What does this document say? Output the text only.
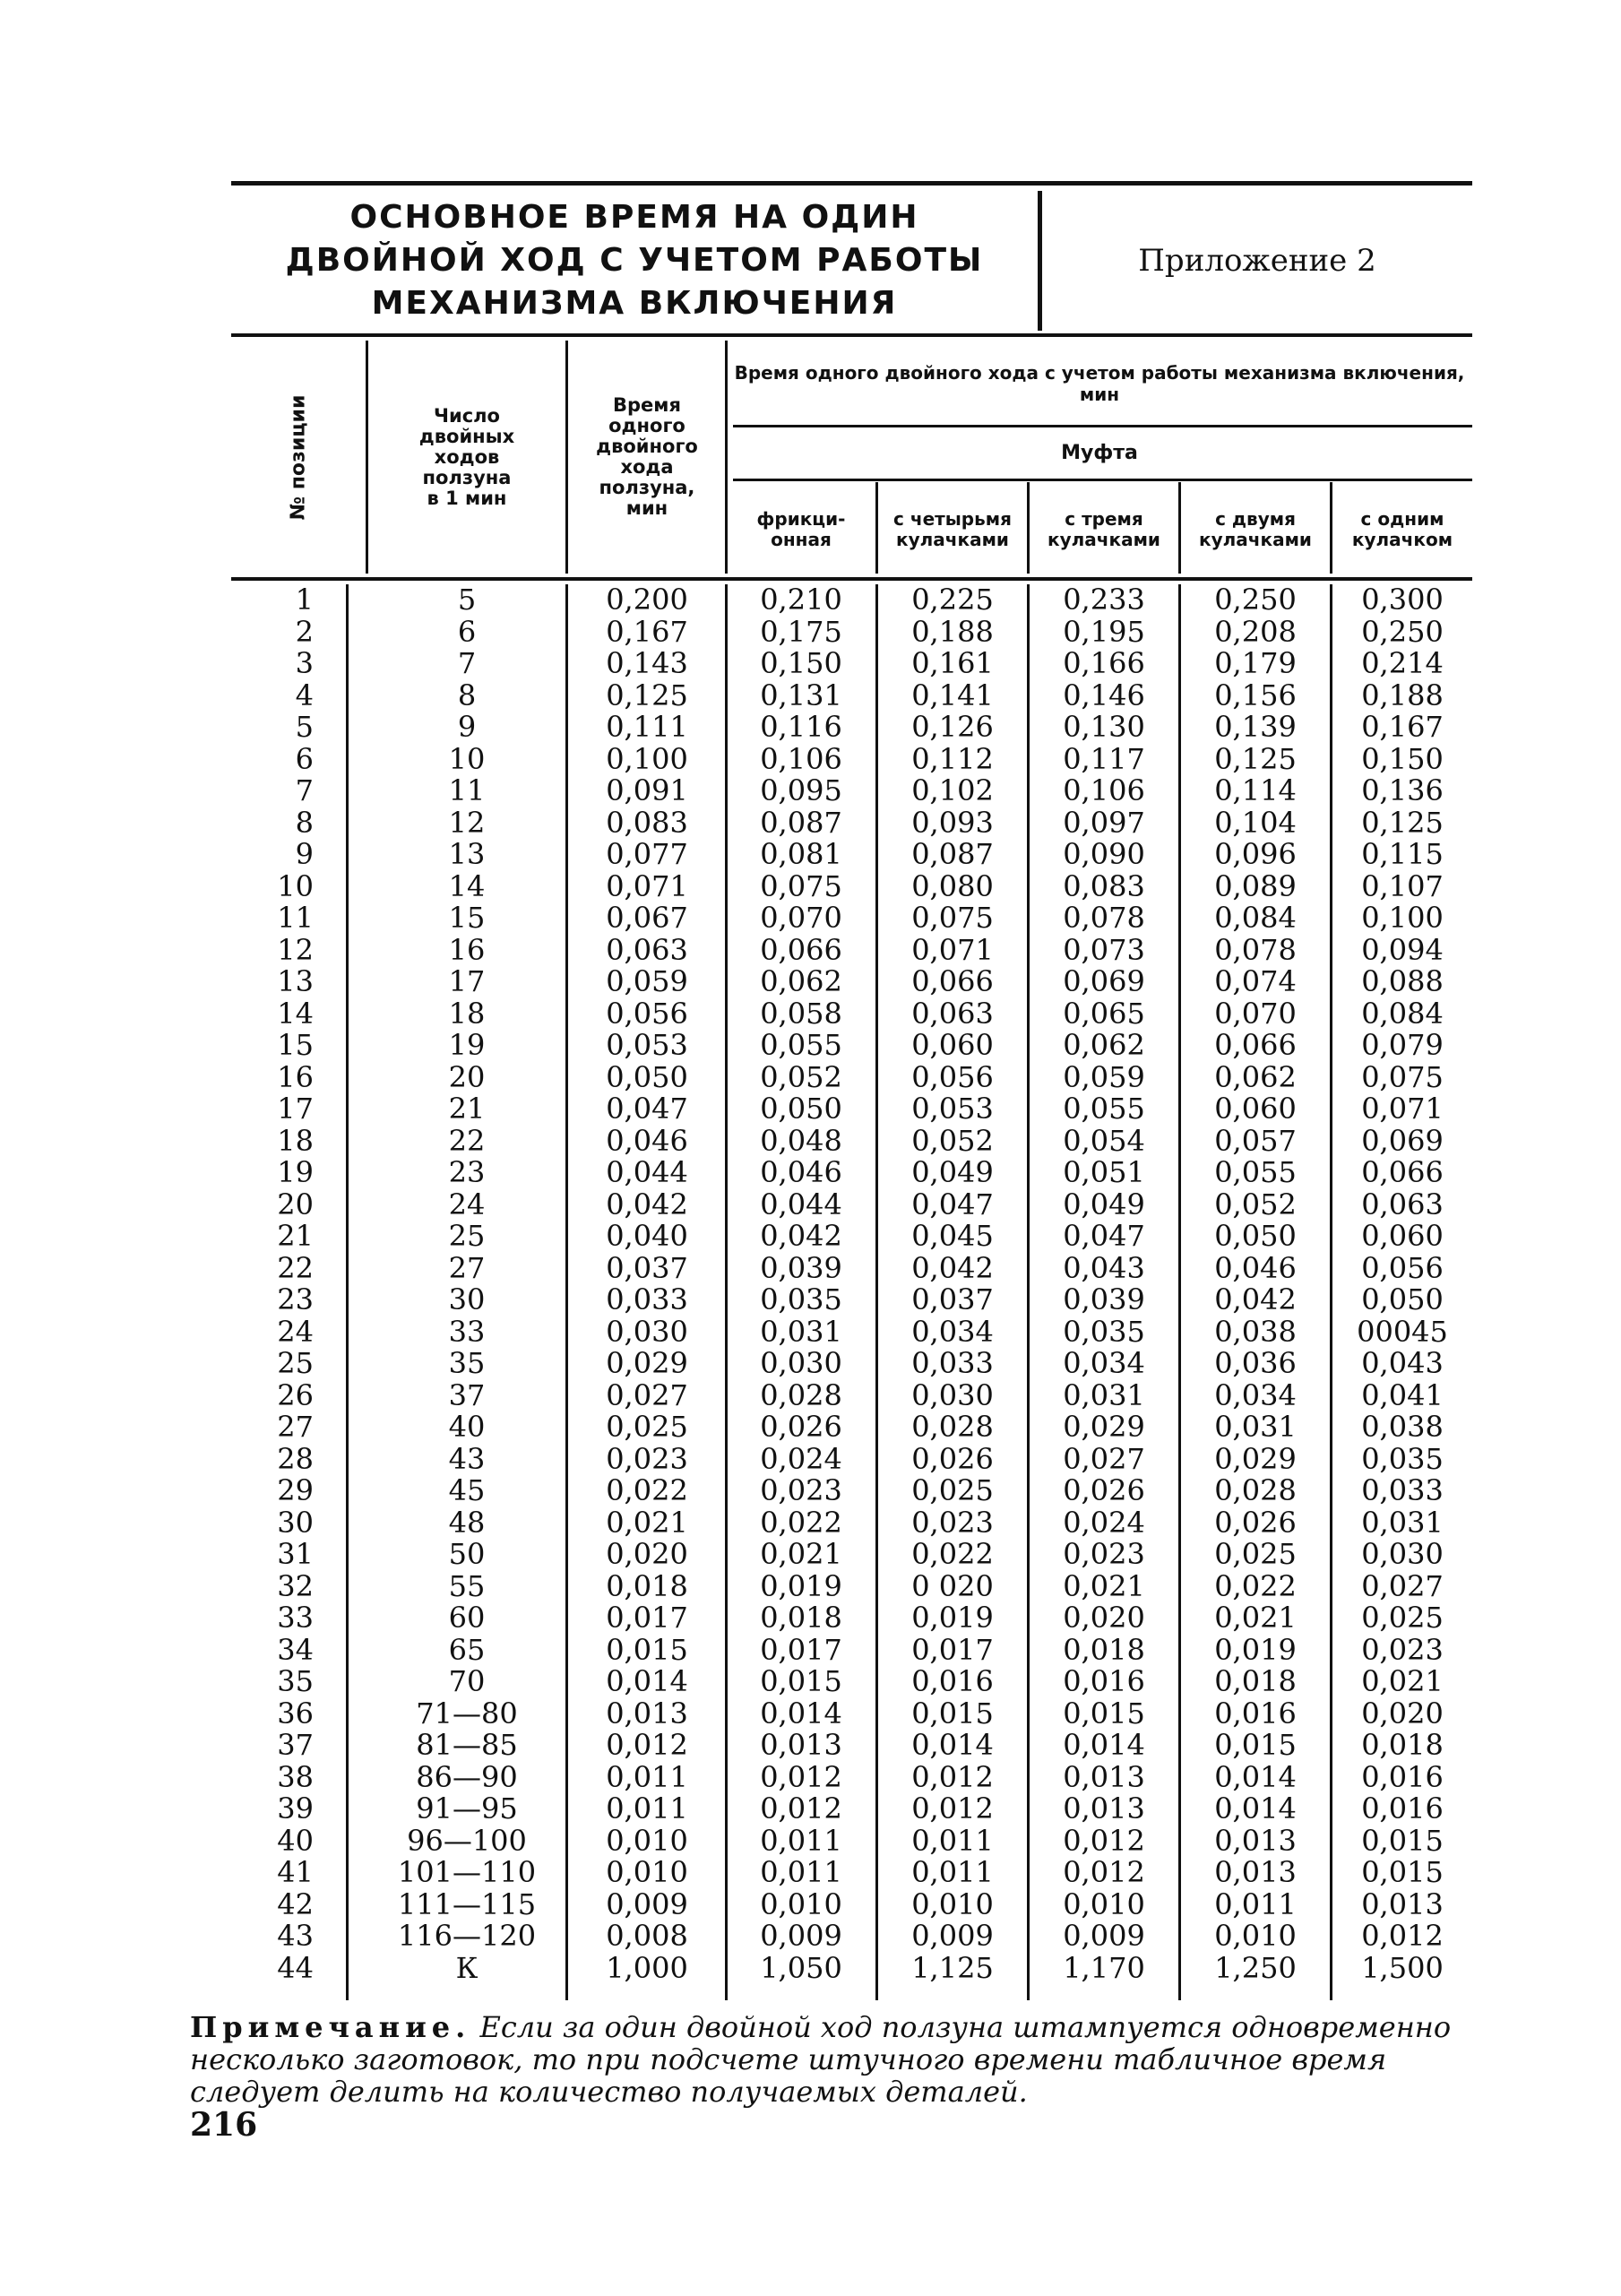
ОСНОВНОЕ ВРЕМЯ НА ОДИН
ДВОЙНОЙ ХОД С УЧЕТОМ РАБОТЫ
МЕХАНИЗМА ВКЛЮЧЕНИЯ
Приложение 2
№ позиции	Число
двойных
ходов
ползуна
в 1 мин
Время
одного
двойного
хода
ползуна,
мин
Время одного двойного хода с учетом работы механизма включения, мин
Муфта
фрикци-
онная
с четырьмя
кулачками
с тремя
кулачками
с двумя
кулачками
с одним
кулачком
1
2
3
4
5
6
7
8
9
10
11
12
13
14
15
16
17
18
19
20
21
22
23
24
25
26
27
28
29
30
31
32
33
34
35
36
37
38
39
40
41
42
43
44
5
6
7
8
9
10
11
12
13
14
15
16
17
18
19
20
21
22
23
24
25
27
30
33
35
37
40
43
45
48
50
55
60
65
70
71—80
81—85
86—90
91—95
96—100
101—110
111—115
116—120
К
0,200
0,167
0,143
0,125
0,111
0,100
0,091
0,083
0,077
0,071
0,067
0,063
0,059
0,056
0,053
0,050
0,047
0,046
0,044
0,042
0,040
0,037
0,033
0,030
0,029
0,027
0,025
0,023
0,022
0,021
0,020
0,018
0,017
0,015
0,014
0,013
0,012
0,011
0,011
0,010
0,010
0,009
0,008
1,000
0,210
0,175
0,150
0,131
0,116
0,106
0,095
0,087
0,081
0,075
0,070
0,066
0,062
0,058
0,055
0,052
0,050
0,048
0,046
0,044
0,042
0,039
0,035
0,031
0,030
0,028
0,026
0,024
0,023
0,022
0,021
0,019
0,018
0,017
0,015
0,014
0,013
0,012
0,012
0,011
0,011
0,010
0,009
1,050
0,225
0,188
0,161
0,141
0,126
0,112
0,102
0,093
0,087
0,080
0,075
0,071
0,066
0,063
0,060
0,056
0,053
0,052
0,049
0,047
0,045
0,042
0,037
0,034
0,033
0,030
0,028
0,026
0,025
0,023
0,022
0 020
0,019
0,017
0,016
0,015
0,014
0,012
0,012
0,011
0,011
0,010
0,009
1,125
0,233
0,195
0,166
0,146
0,130
0,117
0,106
0,097
0,090
0,083
0,078
0,073
0,069
0,065
0,062
0,059
0,055
0,054
0,051
0,049
0,047
0,043
0,039
0,035
0,034
0,031
0,029
0,027
0,026
0,024
0,023
0,021
0,020
0,018
0,016
0,015
0,014
0,013
0,013
0,012
0,012
0,010
0,009
1,170
0,250
0,208
0,179
0,156
0,139
0,125
0,114
0,104
0,096
0,089
0,084
0,078
0,074
0,070
0,066
0,062
0,060
0,057
0,055
0,052
0,050
0,046
0,042
0,038
0,036
0,034
0,031
0,029
0,028
0,026
0,025
0,022
0,021
0,019
0,018
0,016
0,015
0,014
0,014
0,013
0,013
0,011
0,010
1,250
0,300
0,250
0,214
0,188
0,167
0,150
0,136
0,125
0,115
0,107
0,100
0,094
0,088
0,084
0,079
0,075
0,071
0,069
0,066
0,063
0,060
0,056
0,050
00045
0,043
0,041
0,038
0,035
0,033
0,031
0,030
0,027
0,025
0,023
0,021
0,020
0,018
0,016
0,016
0,015
0,015
0,013
0,012
1,500
Примечание. Если за один двойной ход ползуна штампуется одновременно несколько заготовок, то при подсчете штучного времени табличное время следует делить на количество получаемых деталей.
216
